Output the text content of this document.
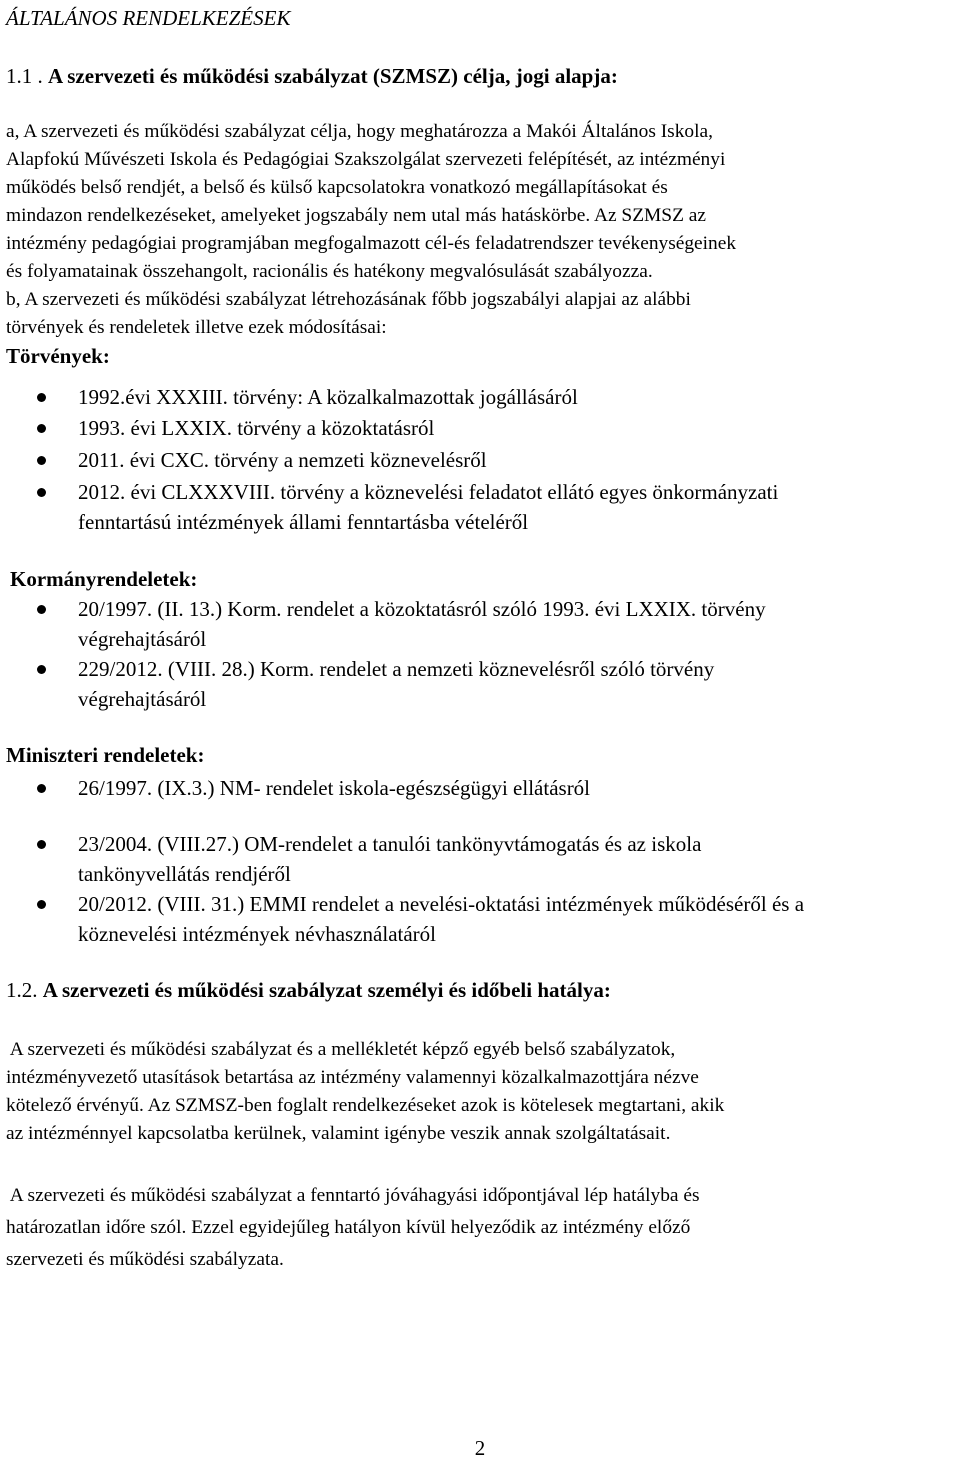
ÁLTALÁNOS RENDELKEZÉSEK
1.1 . A szervezeti és működési szabályzat (SZMSZ) célja, jogi alapja:
a, A szervezeti és működési szabályzat célja, hogy meghatározza a Makói Általános Iskola,
Alapfokú Művészeti Iskola és Pedagógiai Szakszolgálat szervezeti felépítését, az intézményi
működés belső rendjét, a belső és külső kapcsolatokra vonatkozó megállapításokat és
mindazon rendelkezéseket, amelyeket jogszabály nem utal más hatáskörbe. Az SZMSZ az
intézmény pedagógiai programjában megfogalmazott cél-és feladatrendszer tevékenységeinek
és folyamatainak összehangolt, racionális és hatékony megvalósulását szabályozza.
b, A szervezeti és működési szabályzat létrehozásának főbb jogszabályi alapjai az alábbi
törvények és rendeletek illetve ezek módosításai:
Törvények:
1992.évi XXXIII. törvény: A közalkalmazottak jogállásáról
1993. évi LXXIX. törvény a közoktatásról
2011. évi CXC. törvény a nemzeti köznevelésről
2012. évi CLXXXVIII. törvény a köznevelési feladatot ellátó egyes önkormányzati
fenntartású intézmények állami fenntartásba vételéről
Kormányrendeletek:
20/1997. (II. 13.) Korm. rendelet a közoktatásról szóló 1993. évi LXXIX. törvény
végrehajtásáról
229/2012. (VIII. 28.) Korm. rendelet a nemzeti köznevelésről szóló törvény
végrehajtásáról
Miniszteri rendeletek:
26/1997. (IX.3.) NM- rendelet iskola-egészségügyi ellátásról
23/2004. (VIII.27.) OM-rendelet a tanulói tankönyvtámogatás és az iskola
tankönyvellátás rendjéről
20/2012. (VIII. 31.) EMMI rendelet a nevelési-oktatási intézmények működéséről és a
köznevelési intézmények névhasználatáról
1.2. A szervezeti és működési szabályzat személyi és időbeli hatálya:
A szervezeti és működési szabályzat és a mellékletét képző egyéb belső szabályzatok,
intézményvezető utasítások betartása az intézmény valamennyi közalkalmazottjára nézve
kötelező érvényű. Az SZMSZ-ben foglalt rendelkezéseket azok is kötelesek megtartani, akik
az intézménnyel kapcsolatba kerülnek, valamint igénybe veszik annak szolgáltatásait.
A szervezeti és működési szabályzat a fenntartó jóváhagyási időpontjával lép hatályba és
határozatlan időre szól. Ezzel egyidejűleg hatályon kívül helyeződik az intézmény előző
szervezeti és működési szabályzata.
2
